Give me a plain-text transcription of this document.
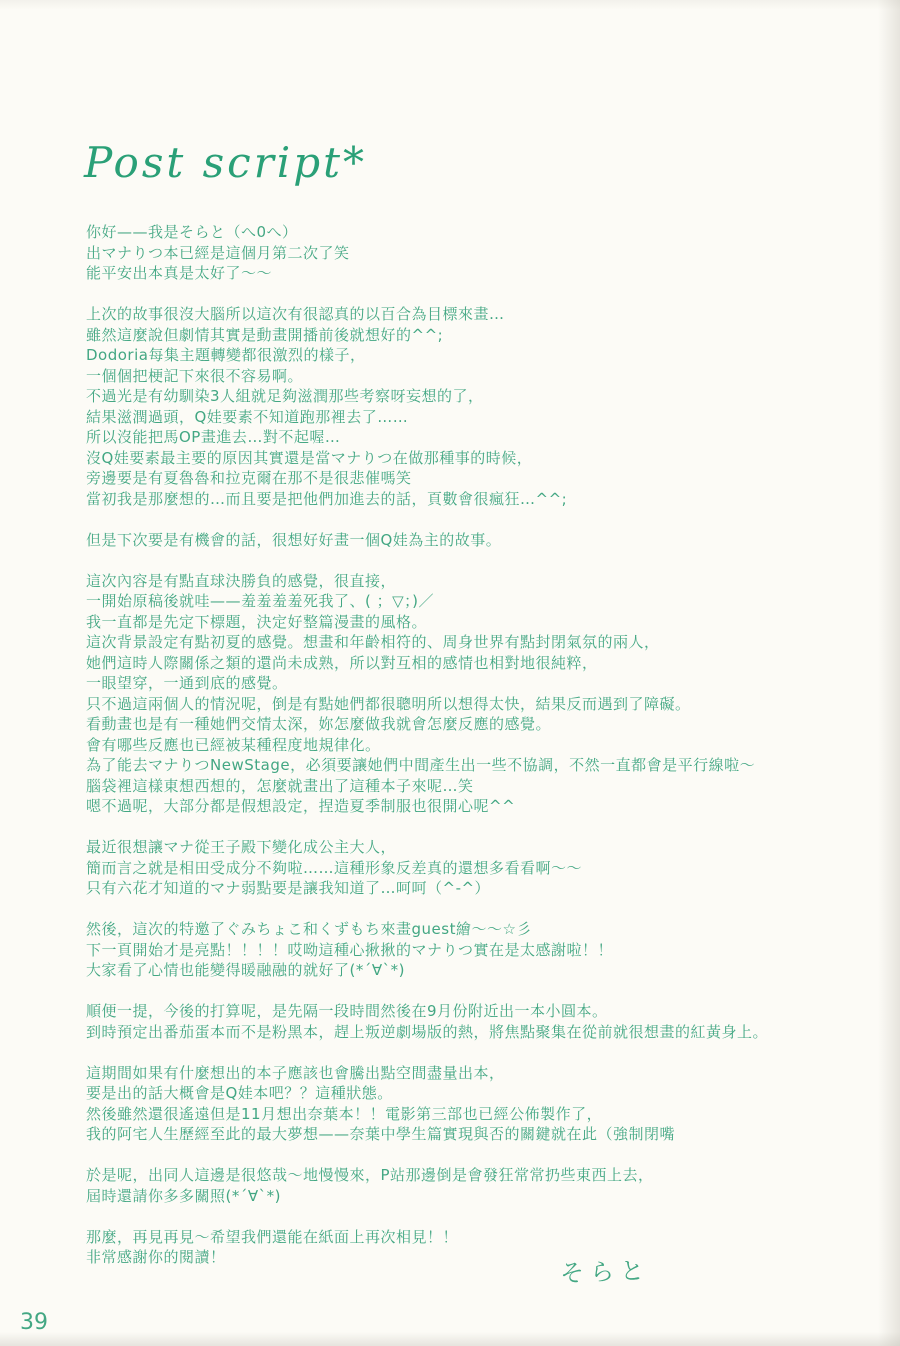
Post script*
你好——我是そらと（へ0へ）
出マナりつ本已經是這個月第二次了笑
能平安出本真是太好了～～
上次的故事很沒大腦所以這次有很認真的以百合為目標來畫…
雖然這麼說但劇情其實是動畫開播前後就想好的^^;
Dodoria每集主題轉變都很激烈的樣子，
一個個把梗記下來很不容易啊。
不過光是有幼馴染3人組就足夠滋潤那些考察呀妄想的了，
結果滋潤過頭，Q娃要素不知道跑那裡去了……
所以沒能把馬OP畫進去…對不起喔…
沒Q娃要素最主要的原因其實還是當マナりつ在做那種事的時候，
旁邊要是有夏魯魯和拉克爾在那不是很悲催嗎笑
當初我是那麼想的…而且要是把他們加進去的話，頁數會很瘋狂…^^;
但是下次要是有機會的話，很想好好畫一個Q娃為主的故事。
這次內容是有點直球決勝負的感覺，很直接，
一開始原稿後就哇——羞羞羞羞死我了、( ；▽；)／
我一直都是先定下標題，決定好整篇漫畫的風格。
這次背景設定有點初夏的感覺。想畫和年齡相符的、周身世界有點封閉氣氛的兩人，
她們這時人際關係之類的還尚未成熟，所以對互相的感情也相對地很純粹，
一眼望穿，一通到底的感覺。
只不過這兩個人的情況呢，倒是有點她們都很聰明所以想得太快，結果反而遇到了障礙。
看動畫也是有一種她們交情太深，妳怎麼做我就會怎麼反應的感覺。
會有哪些反應也已經被某種程度地規律化。
為了能去マナりつNewStage，必須要讓她們中間產生出一些不協調，不然一直都會是平行線啦～
腦袋裡這樣東想西想的，怎麼就畫出了這種本子來呢…笑
嗯不過呢，大部分都是假想設定，捏造夏季制服也很開心呢^^
最近很想讓マナ從王子殿下變化成公主大人，
簡而言之就是相田受成分不夠啦……這種形象反差真的還想多看看啊～～
只有六花才知道的マナ弱點要是讓我知道了…呵呵（^-^）
然後，這次的特邀了ぐみちょこ和くずもち來畫guest繪～～☆彡
下一頁開始才是亮點！！！！哎呦這種心揪揪的マナりつ實在是太感謝啦！！
大家看了心情也能變得暖融融的就好了(*´∀`*)
順便一提，今後的打算呢，是先隔一段時間然後在9月份附近出一本小圓本。
到時預定出番茄蛋本而不是粉黑本，趕上叛逆劇場版的熱，將焦點聚集在從前就很想畫的紅黃身上。
這期間如果有什麼想出的本子應該也會騰出點空間盡量出本，
要是出的話大概會是Q娃本吧？？這種狀態。
然後雖然還很遙遠但是11月想出奈葉本！！電影第三部也已經公佈製作了，
我的阿宅人生歷經至此的最大夢想——奈葉中學生篇實現與否的關鍵就在此（強制閉嘴
於是呢，出同人這邊是很悠哉～地慢慢來，P站那邊倒是會發狂常常扔些東西上去，
屆時還請你多多關照(*´∀`*)
那麼，再見再見～希望我們還能在紙面上再次相見！！
非常感謝你的閱讀！	そらと
39
